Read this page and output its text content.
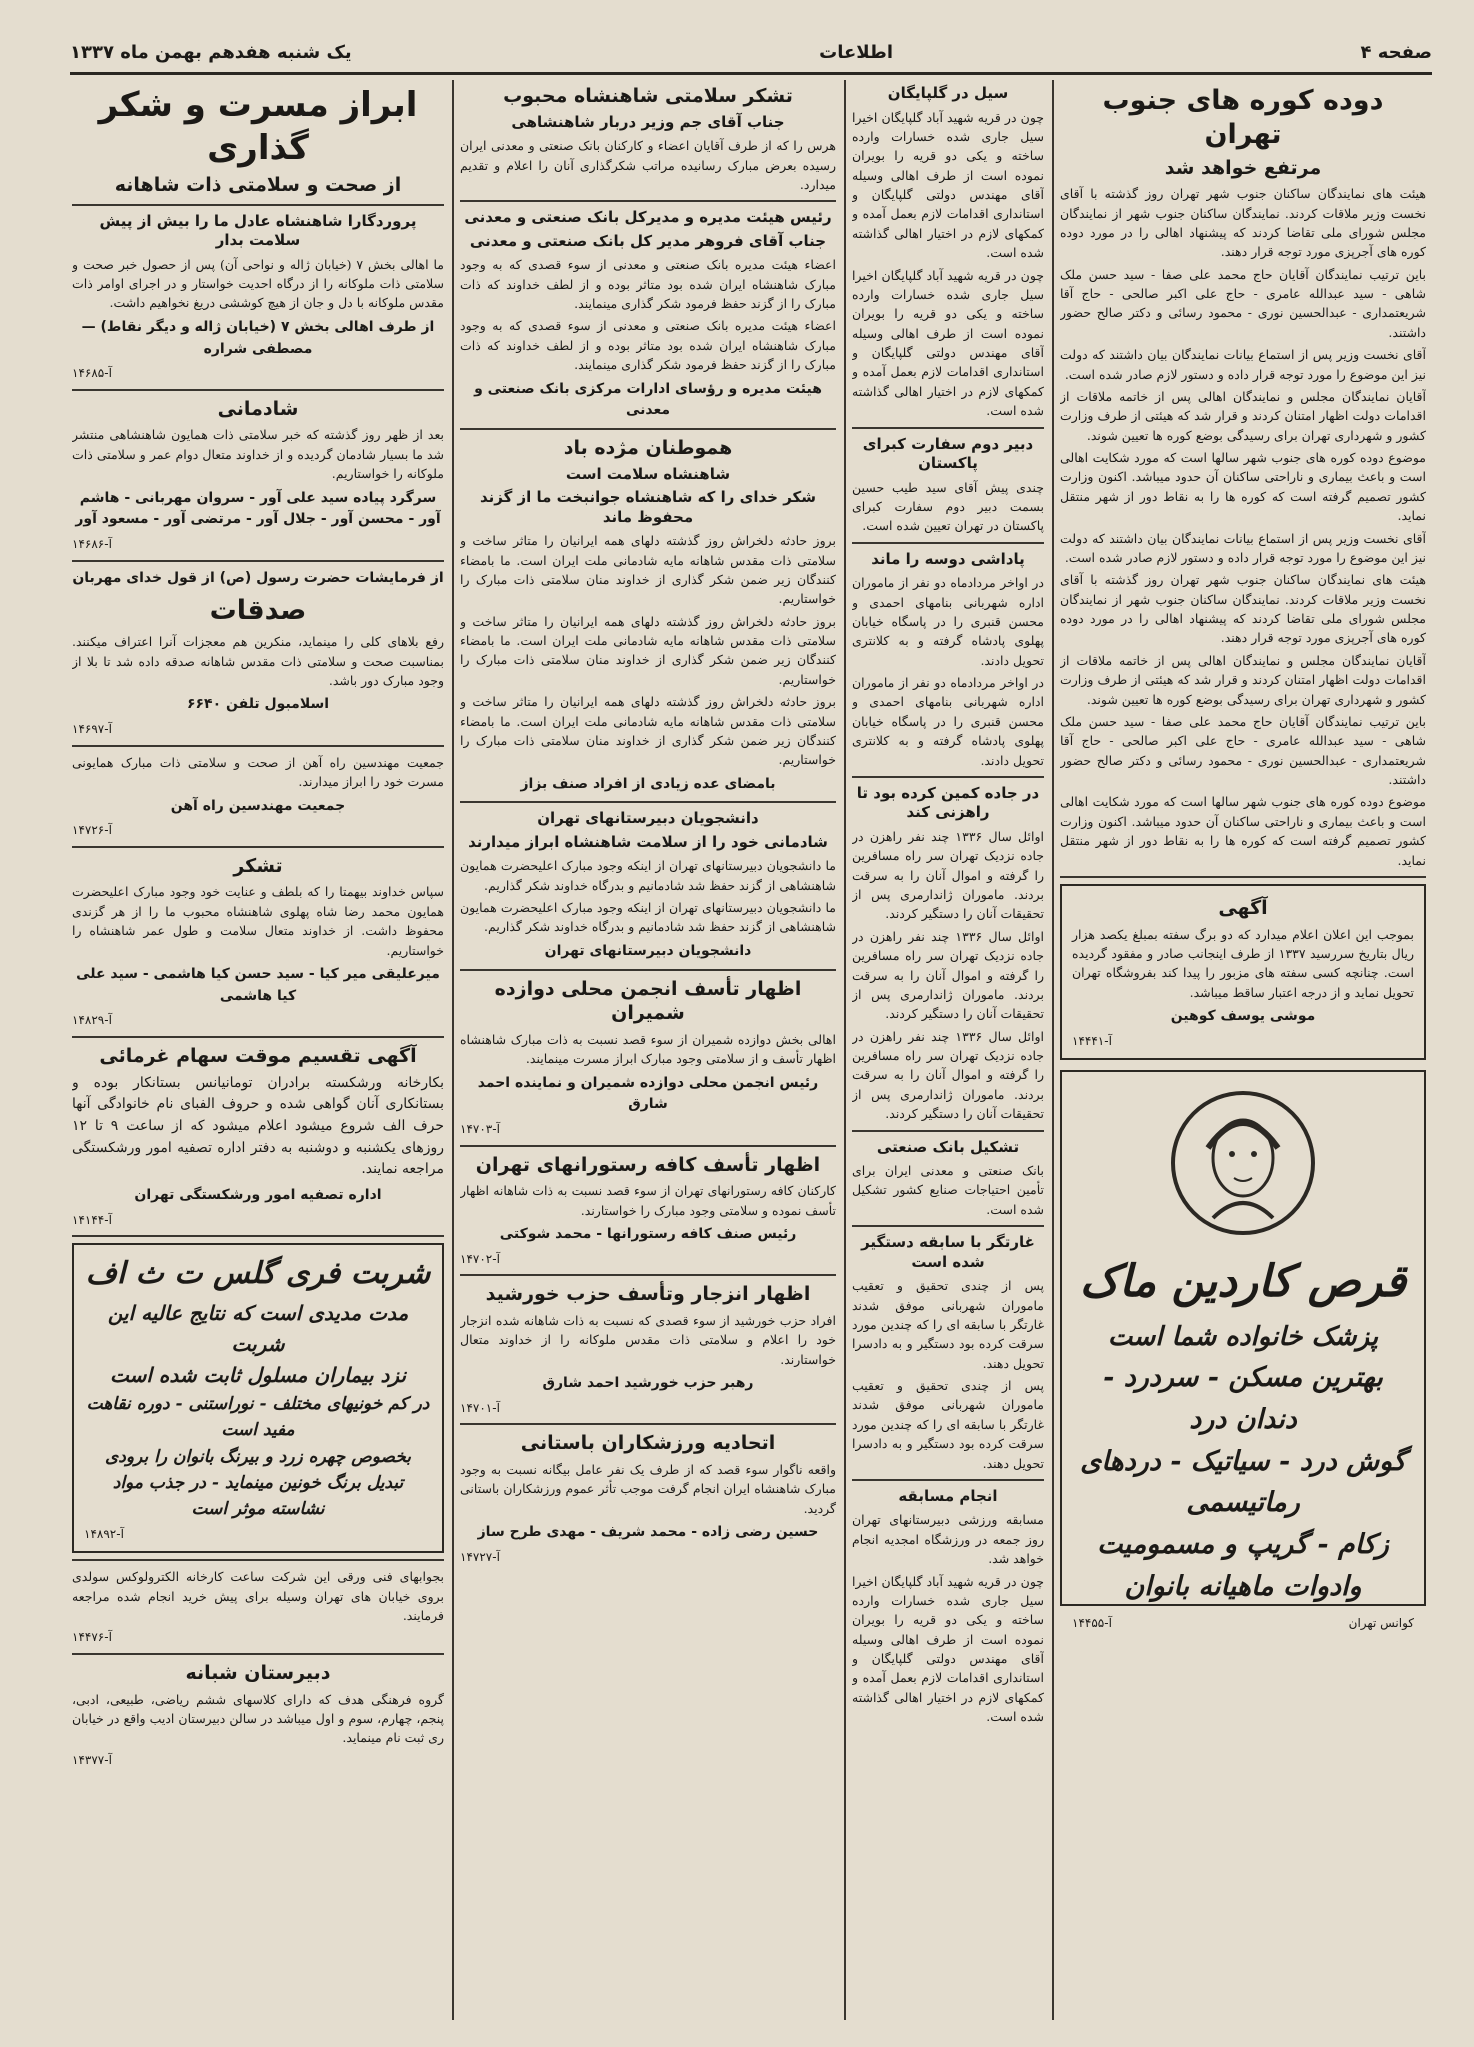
صفحه ۴
اطلاعات
یک شنبه هفدهم بهمن ماه ۱۳۳۷
دوده کوره های جنوب تهران
مرتفع خواهد شد

هیئت های نمایندگان ساکنان جنوب شهر تهران روز گذشته با آقای نخست وزیر ملاقات کردند. نمایندگان ساکنان جنوب شهر از نمایندگان مجلس شورای ملی تقاضا کردند که پیشنهاد اهالی را در مورد دوده کوره های آجرپزی مورد توجه قرار دهند.

باین ترتیب نمایندگان آقایان حاج محمد علی صفا - سید حسن ملک شاهی - سید عبدالله عامری - حاج علی اکبر صالحی - حاج آقا شریعتمداری - عبدالحسین نوری - محمود رسائی و دکتر صالح حضور داشتند.

آقای نخست وزیر پس از استماع بیانات نمایندگان بیان داشتند که دولت نیز این موضوع را مورد توجه قرار داده و دستور لازم صادر شده است.

آقایان نمایندگان مجلس و نمایندگان اهالی پس از خاتمه ملاقات از اقدامات دولت اظهار امتنان کردند و قرار شد که هیئتی از طرف وزارت کشور و شهرداری تهران برای رسیدگی بوضع کوره ها تعیین شوند.

موضوع دوده کوره های جنوب شهر سالها است که مورد شکایت اهالی است و باعث بیماری و ناراحتی ساکنان آن حدود میباشد. اکنون وزارت کشور تصمیم گرفته است که کوره ها را به نقاط دور از شهر منتقل نماید.

آقای نخست وزیر پس از استماع بیانات نمایندگان بیان داشتند که دولت نیز این موضوع را مورد توجه قرار داده و دستور لازم صادر شده است.

هیئت های نمایندگان ساکنان جنوب شهر تهران روز گذشته با آقای نخست وزیر ملاقات کردند. نمایندگان ساکنان جنوب شهر از نمایندگان مجلس شورای ملی تقاضا کردند که پیشنهاد اهالی را در مورد دوده کوره های آجرپزی مورد توجه قرار دهند.

آقایان نمایندگان مجلس و نمایندگان اهالی پس از خاتمه ملاقات از اقدامات دولت اظهار امتنان کردند و قرار شد که هیئتی از طرف وزارت کشور و شهرداری تهران برای رسیدگی بوضع کوره ها تعیین شوند.

باین ترتیب نمایندگان آقایان حاج محمد علی صفا - سید حسن ملک شاهی - سید عبدالله عامری - حاج علی اکبر صالحی - حاج آقا شریعتمداری - عبدالحسین نوری - محمود رسائی و دکتر صالح حضور داشتند.

موضوع دوده کوره های جنوب شهر سالها است که مورد شکایت اهالی است و باعث بیماری و ناراحتی ساکنان آن حدود میباشد. اکنون وزارت کشور تصمیم گرفته است که کوره ها را به نقاط دور از شهر منتقل نماید.

آگهی

بموجب این اعلان اعلام میدارد که دو برگ سفته بمبلغ یکصد هزار ریال بتاریخ سررسید ۱۳۳۷ از طرف اینجانب صادر و مفقود گردیده است. چنانچه کسی سفته های مزبور را پیدا کند بفروشگاه تهران تحویل نماید و از درجه اعتبار ساقط میباشد.

موشی یوسف کوهین
آ-۱۴۴۴۱
قرص کاردین ماک
پزشک خانواده شما است
بهترین مسکن - سردرد - دندان درد
گوش درد - سیاتیک - دردهای رماتیسمی
زکام - گریپ و مسمومیت
وادوات ماهیانه بانوان
کوانس تهران
آ-۱۴۴۵۵
سیل در گلپایگان

چون در قریه شهید آباد گلپایگان اخیرا سیل جاری شده خسارات وارده ساخته و یکی دو قریه را بویران نموده است از طرف اهالی وسیله آقای مهندس دولتی گلپایگان و استانداری اقدامات لازم بعمل آمده و کمکهای لازم در اختیار اهالی گذاشته شده است.

چون در قریه شهید آباد گلپایگان اخیرا سیل جاری شده خسارات وارده ساخته و یکی دو قریه را بویران نموده است از طرف اهالی وسیله آقای مهندس دولتی گلپایگان و استانداری اقدامات لازم بعمل آمده و کمکهای لازم در اختیار اهالی گذاشته شده است.

دبیر دوم سفارت کبرای پاکستان

چندی پیش آقای سید طیب حسین بسمت دبیر دوم سفارت کبرای پاکستان در تهران تعیین شده است.

پاداشی دوسه را ماند

در اواخر مردادماه دو نفر از ماموران اداره شهربانی بنامهای احمدی و محسن قنبری را در پاسگاه خیابان پهلوی پادشاه گرفته و به کلانتری تحویل دادند.

در اواخر مردادماه دو نفر از ماموران اداره شهربانی بنامهای احمدی و محسن قنبری را در پاسگاه خیابان پهلوی پادشاه گرفته و به کلانتری تحویل دادند.

در جاده کمین کرده بود تا راهزنی کند

اوائل سال ۱۳۳۶ چند نفر راهزن در جاده نزدیک تهران سر راه مسافرین را گرفته و اموال آنان را به سرقت بردند. ماموران ژاندارمری پس از تحقیقات آنان را دستگیر کردند.

اوائل سال ۱۳۳۶ چند نفر راهزن در جاده نزدیک تهران سر راه مسافرین را گرفته و اموال آنان را به سرقت بردند. ماموران ژاندارمری پس از تحقیقات آنان را دستگیر کردند.

اوائل سال ۱۳۳۶ چند نفر راهزن در جاده نزدیک تهران سر راه مسافرین را گرفته و اموال آنان را به سرقت بردند. ماموران ژاندارمری پس از تحقیقات آنان را دستگیر کردند.

تشکیل بانک صنعتی

بانک صنعتی و معدنی ایران برای تأمین احتیاجات صنایع کشور تشکیل شده است.

غارتگر با سابقه دستگیر شده است

پس از چندی تحقیق و تعقیب ماموران شهربانی موفق شدند غارتگر با سابقه ای را که چندین مورد سرقت کرده بود دستگیر و به دادسرا تحویل دهند.

پس از چندی تحقیق و تعقیب ماموران شهربانی موفق شدند غارتگر با سابقه ای را که چندین مورد سرقت کرده بود دستگیر و به دادسرا تحویل دهند.

انجام مسابقه

مسابقه ورزشی دبیرستانهای تهران روز جمعه در ورزشگاه امجدیه انجام خواهد شد.

چون در قریه شهید آباد گلپایگان اخیرا سیل جاری شده خسارات وارده ساخته و یکی دو قریه را بویران نموده است از طرف اهالی وسیله آقای مهندس دولتی گلپایگان و استانداری اقدامات لازم بعمل آمده و کمکهای لازم در اختیار اهالی گذاشته شده است.

تشکر سلامتی شاهنشاه محبوب
جناب آقای جم وزیر دربار شاهنشاهی

هرس را که از طرف آقایان اعضاء و کارکنان بانک صنعتی و معدنی ایران رسیده بعرض مبارک رسانیده مراتب شکرگذاری آنان را اعلام و تقدیم میدارد.

رئیس هیئت مدیره و مدیرکل بانک صنعتی و معدنی
جناب آقای فروهر مدیر کل بانک صنعتی و معدنی

اعضاء هیئت مدیره بانک صنعتی و معدنی از سوء قصدی که به وجود مبارک شاهنشاه ایران شده بود متاثر بوده و از لطف خداوند که ذات مبارک را از گزند حفظ فرمود شکر گذاری مینمایند.

اعضاء هیئت مدیره بانک صنعتی و معدنی از سوء قصدی که به وجود مبارک شاهنشاه ایران شده بود متاثر بوده و از لطف خداوند که ذات مبارک را از گزند حفظ فرمود شکر گذاری مینمایند.

هیئت مدیره و رؤسای ادارات مرکزی بانک صنعتی و معدنی
هموطنان مژده باد
شاهنشاه سلامت است
شکر خدای را که شاهنشاه جوانبخت ما از گزند محفوظ ماند

بروز حادثه دلخراش روز گذشته دلهای همه ایرانیان را متاثر ساخت و سلامتی ذات مقدس شاهانه مایه شادمانی ملت ایران است. ما بامضاء کنندگان زیر ضمن شکر گذاری از خداوند منان سلامتی ذات مبارک را خواستاریم.

بروز حادثه دلخراش روز گذشته دلهای همه ایرانیان را متاثر ساخت و سلامتی ذات مقدس شاهانه مایه شادمانی ملت ایران است. ما بامضاء کنندگان زیر ضمن شکر گذاری از خداوند منان سلامتی ذات مبارک را خواستاریم.

بروز حادثه دلخراش روز گذشته دلهای همه ایرانیان را متاثر ساخت و سلامتی ذات مقدس شاهانه مایه شادمانی ملت ایران است. ما بامضاء کنندگان زیر ضمن شکر گذاری از خداوند منان سلامتی ذات مبارک را خواستاریم.

بامضای عده زیادی از افراد صنف بزاز
دانشجویان دبیرستانهای تهران
شادمانی خود را از سلامت شاهنشاه ابراز میدارند

ما دانشجویان دبیرستانهای تهران از اینکه وجود مبارک اعلیحضرت همایون شاهنشاهی از گزند حفظ شد شادمانیم و بدرگاه خداوند شکر گذاریم.

ما دانشجویان دبیرستانهای تهران از اینکه وجود مبارک اعلیحضرت همایون شاهنشاهی از گزند حفظ شد شادمانیم و بدرگاه خداوند شکر گذاریم.

دانشجویان دبیرستانهای تهران
اظهار تأسف انجمن محلی دوازده شمیران

اهالی بخش دوازده شمیران از سوء قصد نسبت به ذات مبارک شاهنشاه اظهار تأسف و از سلامتی وجود مبارک ابراز مسرت مینمایند.

رئیس انجمن محلی دوازده شمیران و نماینده احمد شارق
آ-۱۴۷۰۳
اظهار تأسف کافه رستورانهای تهران

کارکنان کافه رستورانهای تهران از سوء قصد نسبت به ذات شاهانه اظهار تأسف نموده و سلامتی وجود مبارک را خواستارند.

رئیس صنف کافه رستورانها - محمد شوکتی
آ-۱۴۷۰۲
اظهار انزجار وتأسف حزب خورشید

افراد حزب خورشید از سوء قصدی که نسبت به ذات شاهانه شده انزجار خود را اعلام و سلامتی ذات مقدس ملوکانه را از خداوند متعال خواستارند.

رهبر حزب خورشید احمد شارق
آ-۱۴۷۰۱
اتحادیه ورزشکاران باستانی

واقعه ناگوار سوء قصد که از طرف یک نفر عامل بیگانه نسبت به وجود مبارک شاهنشاه ایران انجام گرفت موجب تأثر عموم ورزشکاران باستانی گردید.

حسین رضی زاده - محمد شریف - مهدی طرح ساز
آ-۱۴۷۲۷
ابراز مسرت و شکر گذاری
از صحت و سلامتی ذات شاهانه
پروردگارا شاهنشاه عادل ما را بیش از پیش سلامت بدار

ما اهالی بخش ۷ (خیابان ژاله و نواحی آن) پس از حصول خبر صحت و سلامتی ذات ملوکانه را از درگاه احدیت خواستار و در اجرای اوامر ذات مقدس ملوکانه با دل و جان از هیچ کوششی دریغ نخواهیم داشت.

از طرف اهالی بخش ۷ (خیابان ژاله و دیگر نقاط) — مصطفی شراره
آ-۱۴۶۸۵
شادمانی

بعد از ظهر روز گذشته که خبر سلامتی ذات همایون شاهنشاهی منتشر شد ما بسیار شادمان گردیده و از خداوند متعال دوام عمر و سلامتی ذات ملوکانه را خواستاریم.

سرگرد پیاده سید علی آور - سروان مهربانی - هاشم آور - محسن آور - جلال آور - مرتضی آور - مسعود آور
آ-۱۴۶۸۶
از فرمایشات حضرت رسول (ص) از قول خدای مهربان
صدقات

رفع بلاهای کلی را مینماید، منکرین هم معجزات آنرا اعتراف میکنند. بمناسبت صحت و سلامتی ذات مقدس شاهانه صدقه داده شد تا بلا از وجود مبارک دور باشد.

اسلامبول تلفن ۶۶۴۰
آ-۱۴۶۹۷

جمعیت مهندسین راه آهن از صحت و سلامتی ذات مبارک همایونی مسرت خود را ابراز میدارند.

جمعیت مهندسین راه آهن
آ-۱۴۷۲۶
تشکر

سپاس خداوند بیهمتا را که بلطف و عنایت خود وجود مبارک اعلیحضرت همایون محمد رضا شاه پهلوی شاهنشاه محبوب ما را از هر گزندی محفوظ داشت. از خداوند متعال سلامت و طول عمر شاهنشاه را خواستاریم.

میرعلیقی میر کیا - سید حسن کیا هاشمی - سید علی کیا هاشمی
آ-۱۴۸۲۹
آگهی تقسیم موقت سهام غرمائی

بکارخانه ورشکسته برادران تومانیانس بستانکار بوده و بستانکاری آنان گواهی شده و حروف الفبای نام خانوادگی آنها حرف الف شروع میشود اعلام میشود که از ساعت ۹ تا ۱۲ روزهای یکشنبه و دوشنبه به دفتر اداره تصفیه امور ورشکستگی مراجعه نمایند.

اداره تصفیه امور ورشکستگی تهران
آ-۱۴۱۴۴
شربت فری گلس ت ث اف
مدت مدیدی است که نتایج عالیه این شربت
نزد بیماران مسلول ثابت شده است
در کم خونیهای مختلف - نوراستنی - دوره نقاهت مفید است
بخصوص چهره زرد و بیرنگ بانوان را برودی تبدیل برنگ خونین مینماید - در جذب مواد نشاسته موثر است
آ-۱۴۸۹۲

بجوابهای فنی ورقی این شرکت ساعت کارخانه الکترولوکس سولدی بروی خیابان های تهران وسیله برای پیش خرید انجام شده مراجعه فرمایند.

آ-۱۴۴۷۶
دبیرستان شبانه

گروه فرهنگی هدف که دارای کلاسهای ششم ریاضی، طبیعی، ادبی، پنجم، چهارم، سوم و اول میباشد در سالن دبیرستان ادیب واقع در خیابان ری ثبت نام مینماید.

آ-۱۴۳۷۷
